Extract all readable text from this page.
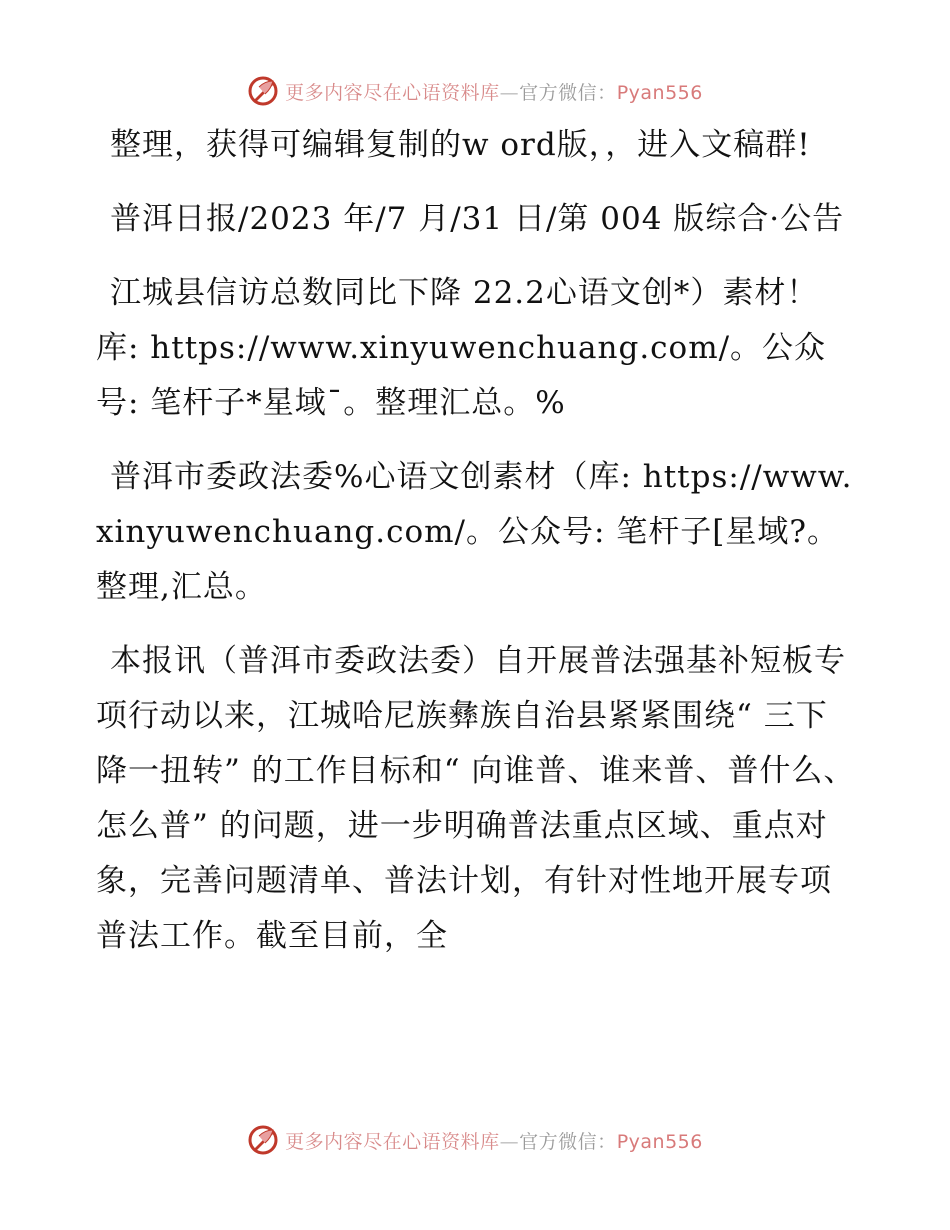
更多内容尽在心语资料库—官方微信：Pyan556

整理，获得可编辑复制的w ord版，，进入文稿群!

普洱日报/2023 年/7 月/31 日/第 004 版综合·公告

江城县信访总数同比下降 22.2心语文创*）素材！库: https://www.xinyuwenchuang.com/。公众号: 笔杆子*星域¯。整理汇总。%

普洱市委政法委%心语文创素材（库: https://www.xinyuwenchuang.com/。公众号: 笔杆子[星域?。整理,汇总。

本报讯（普洱市委政法委）自开展普法强基补短板专项行动以来，江城哈尼族彝族自治县紧紧围绕“ 三下降一扭转” 的工作目标和“ 向谁普、谁来普、普什么、怎么普” 的问题，进一步明确普法重点区域、重点对象，完善问题清单、普法计划，有针对性地开展专项普法工作。截至目前，全

更多内容尽在心语资料库—官方微信：Pyan556
